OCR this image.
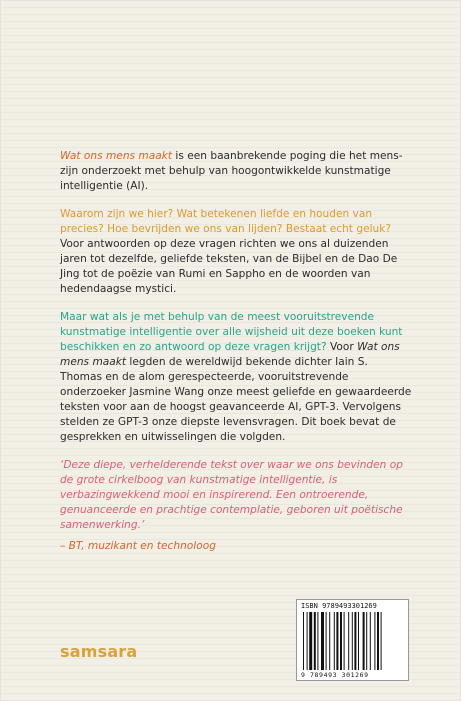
Wat ons mens maakt is een baanbrekende poging die het mens-zijn onderzoekt met behulp van hoogontwikkelde kunstmatige intelligentie (AI).

Waarom zijn we hier? Wat betekenen liefde en houden van precies? Hoe bevrijden we ons van lijden? Bestaat echt geluk? Voor antwoorden op deze vragen richten we ons al duizenden jaren tot dezelfde, geliefde teksten, van de Bijbel en de Dao De Jing tot de poëzie van Rumi en Sappho en de woorden van hedendaagse mystici.

Maar wat als je met behulp van de meest vooruitstrevende kunstmatige intelligentie over alle wijsheid uit deze boeken kunt beschikken en zo antwoord op deze vragen krijgt? Voor Wat ons mens maakt legden de wereldwijd bekende dichter Iain S. Thomas en de alom gerespecteerde, vooruitstrevende onderzoeker Jasmine Wang onze meest geliefde en gewaardeerde teksten voor aan de hoogst geavanceerde AI, GPT-3. Vervolgens stelden ze GPT-3 onze diepste levensvragen. Dit boek bevat de gesprekken en uitwisselingen die volgden.

‘Deze diepe, verhelderende tekst over waar we ons bevinden op de grote cirkelboog van kunstmatige intelligentie, is verbazingwekkend mooi en inspirerend. Een ontroerende, genuanceerde en prachtige contemplatie, geboren uit poëtische samenwerking.’

– BT, muzikant en technoloog

samsara
ISBN 9789493301269
9 789493 301269
